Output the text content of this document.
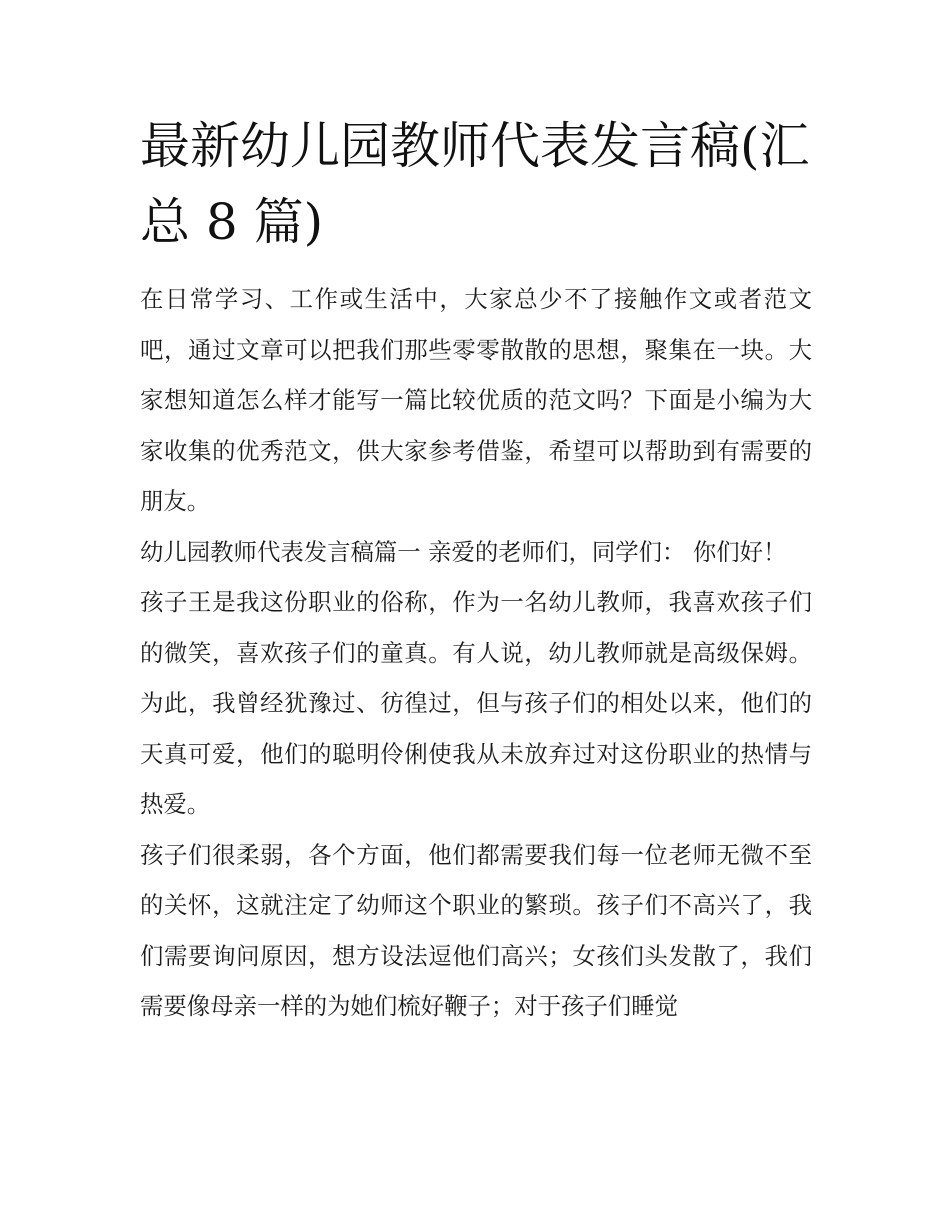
最新幼儿园教师代表发言稿(汇总 8 篇)

在日常学习、工作或生活中，大家总少不了接触作文或者范文吧，通过文章可以把我们那些零零散散的思想，聚集在一块。大家想知道怎么样才能写一篇比较优质的范文吗？下面是小编为大家收集的优秀范文，供大家参考借鉴，希望可以帮助到有需要的朋友。

幼儿园教师代表发言稿篇一 亲爱的老师们，同学们： 你们好！

孩子王是我这份职业的俗称，作为一名幼儿教师，我喜欢孩子们的微笑，喜欢孩子们的童真。有人说，幼儿教师就是高级保姆。为此，我曾经犹豫过、彷徨过，但与孩子们的相处以来，他们的天真可爱，他们的聪明伶俐使我从未放弃过对这份职业的热情与热爱。

孩子们很柔弱，各个方面，他们都需要我们每一位老师无微不至的关怀，这就注定了幼师这个职业的繁琐。孩子们不高兴了，我们需要询问原因，想方设法逗他们高兴；女孩们头发散了，我们需要像母亲一样的为她们梳好鞭子；对于孩子们睡觉
